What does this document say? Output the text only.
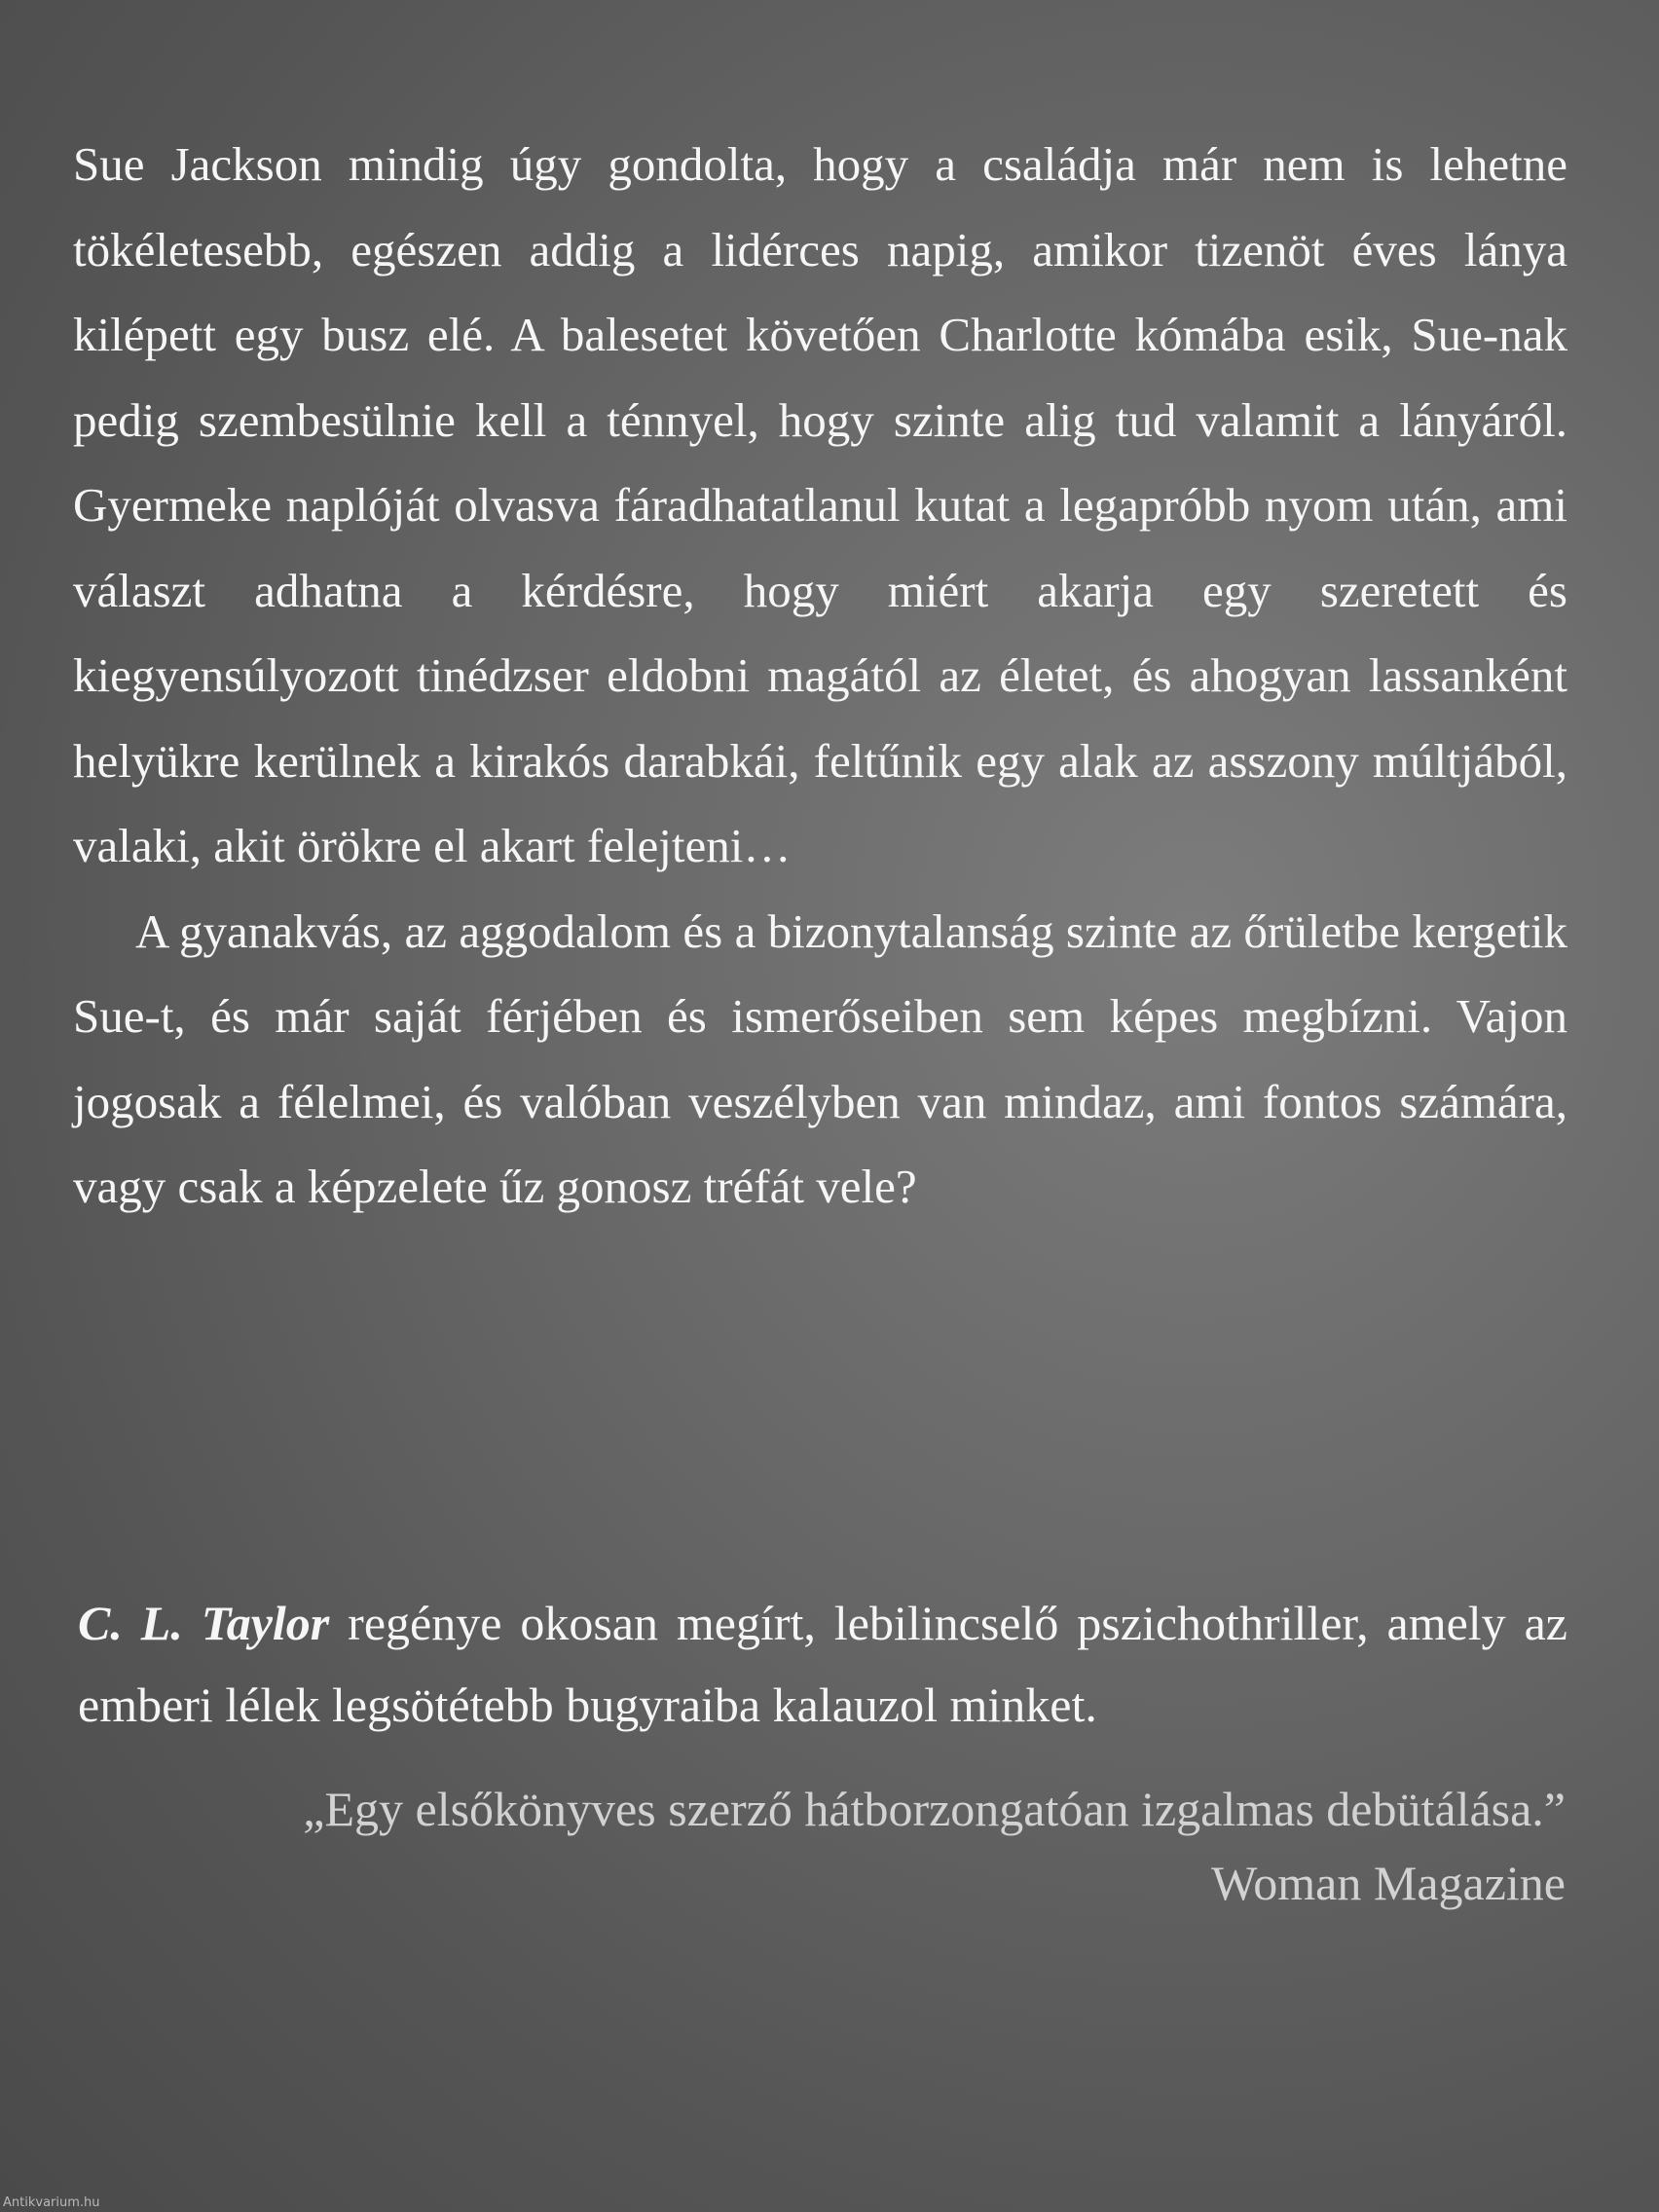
Sue Jackson mindig úgy gondolta, hogy a családja már nem is lehetne tökéletesebb, egészen addig a lidérces napig, amikor tizenöt éves lánya kilépett egy busz elé. A balesetet követően Charlotte kómába esik, Sue-nak pedig szembesülnie kell a ténnyel, hogy szinte alig tud valamit a lányáról. Gyermeke naplóját olvasva fáradhatatlanul kutat a legapróbb nyom után, ami választ adhatna a kérdésre, hogy miért akarja egy szeretett és kiegyensúlyozott tinédzser eldobni magától az életet, és ahogyan lassanként helyükre kerülnek a kirakós darabkái, feltűnik egy alak az asszony múltjából, valaki, akit örökre el akart felejteni…

A gyanakvás, az aggodalom és a bizonytalanság szinte az őrületbe kergetik Sue-t, és már saját férjében és ismerőseiben sem képes megbízni. Vajon jogosak a félelmei, és valóban veszélyben van mindaz, ami fontos számára, vagy csak a képzelete űz gonosz tréfát vele?

C. L. Taylor regénye okosan megírt, lebilincselő pszichothriller, amely az emberi lélek legsötétebb bugyraiba kalauzol minket.

„Egy elsőkönyves szerző hátborzongatóan izgalmas debütálása.”

Woman Magazine

Antikvarium.hu
